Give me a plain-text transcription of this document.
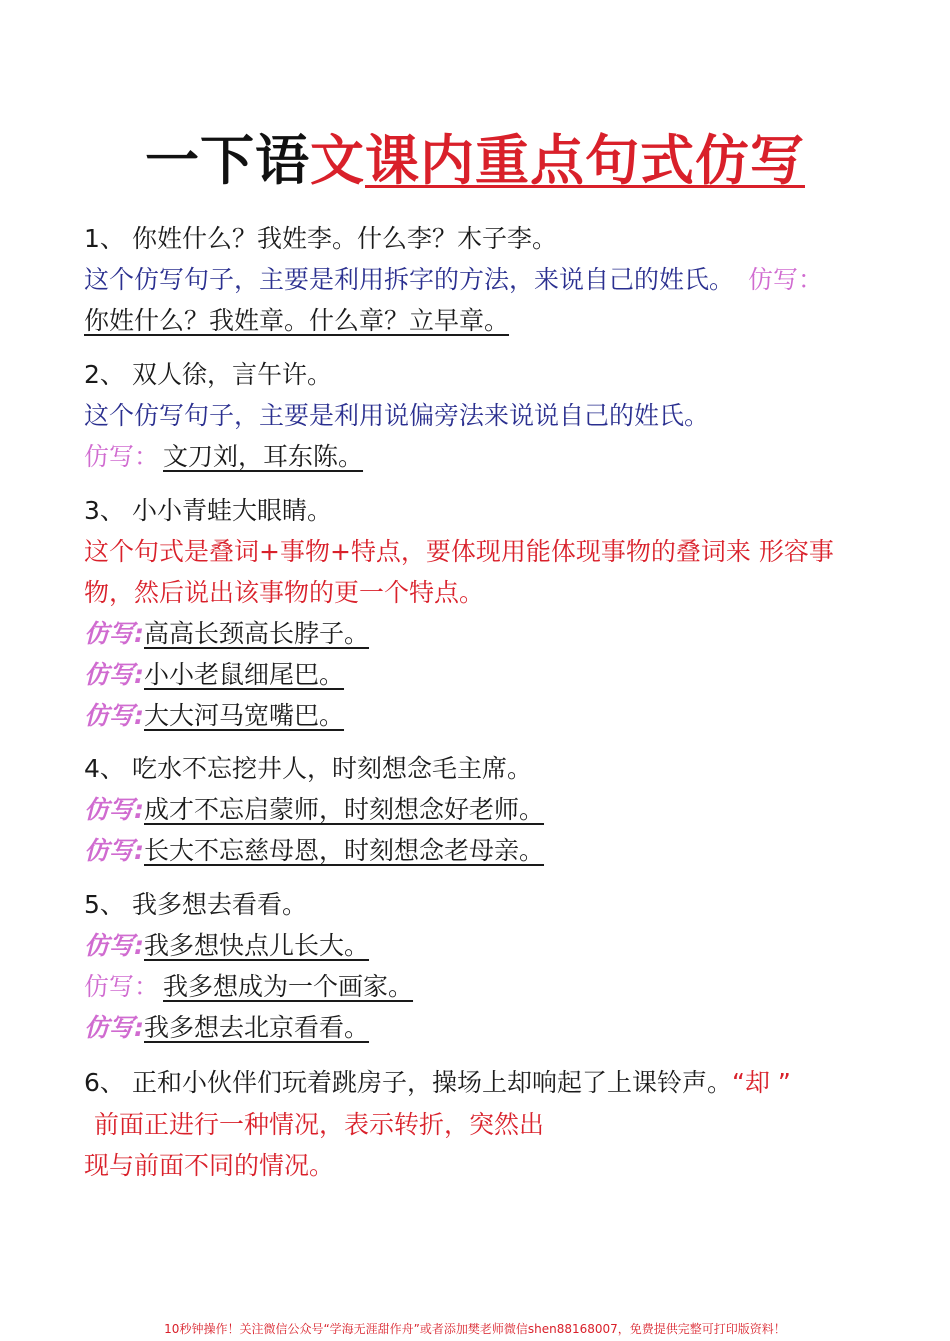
一下语文课内重点句式仿写
1、 你姓什么？我姓李。什么李？木子李。
这个仿写句子，主要是利用拆字的方法，来说自己的姓氏。 仿写：
你姓什么？我姓章。什么章？立早章。
2、 双人徐，言午许。
这个仿写句子，主要是利用说偏旁法来说说自己的姓氏。
仿写： 文刀刘，耳东陈。
3、 小小青蛙大眼睛。
这个句式是叠词+事物+特点，要体现用能体现事物的叠词来 形容事
物，然后说出该事物的更一个特点。
仿写:高高长颈高长脖子。
仿写:小小老鼠细尾巴。
仿写:大大河马宽嘴巴。
4、 吃水不忘挖井人，时刻想念毛主席。
仿写:成才不忘启蒙师，时刻想念好老师。
仿写:长大不忘慈母恩，时刻想念老母亲。
5、 我多想去看看。
仿写:我多想快点儿长大。
仿写： 我多想成为一个画家。
仿写:我多想去北京看看。
6、 正和小伙伴们玩着跳房子，操场上却响起了上课铃声。“却 ”
前面正进行一种情况，表示转折，突然出
现与前面不同的情况。
10秒钟操作！关注微信公众号“学海无涯甜作舟”或者添加樊老师微信shen88168007，免费提供完整可打印版资料！
